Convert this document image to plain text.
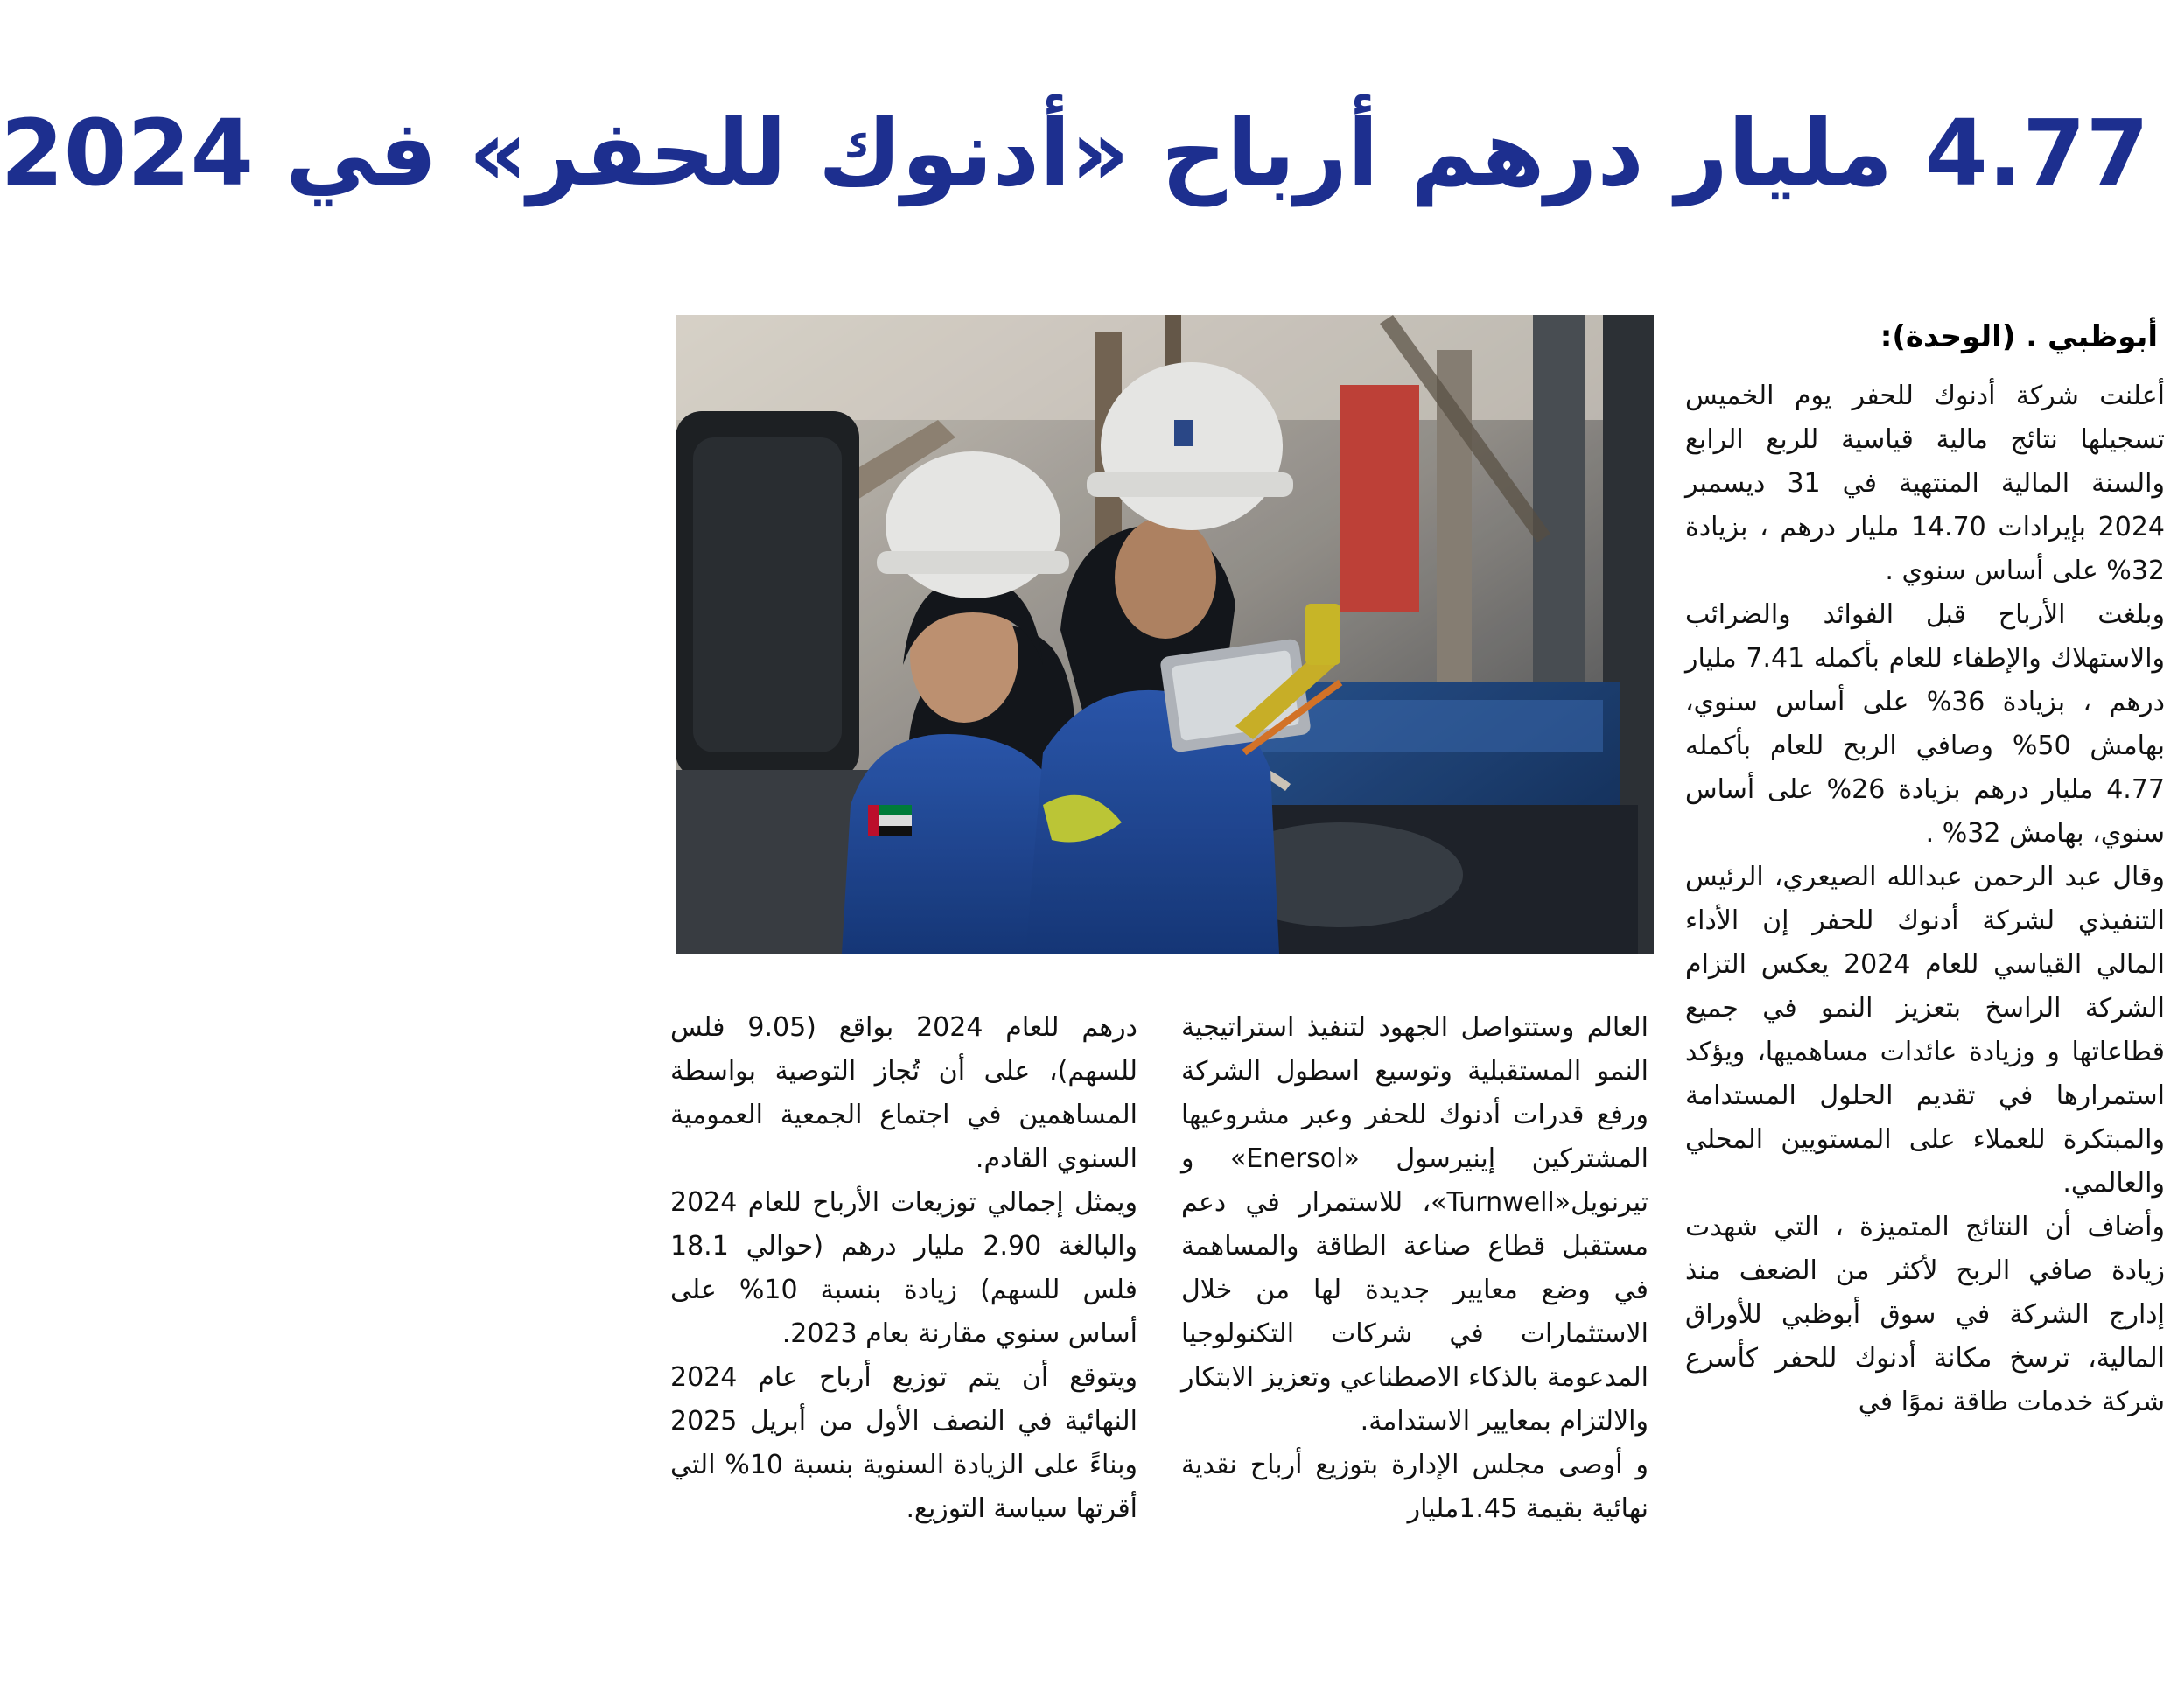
4.77 مليار درهم أرباح «أدنوك للحفر» في 2024
أبوظبي . (الوحدة):

أعلنت شركة أدنوك للحفر يوم الخميس تسجيلها نتائج مالية قياسية للربع الرابع والسنة المالية المنتهية في 31 ديسمبر 2024 بإيرادات 14.70 مليار درهم ، بزيادة 32% على أساس سنوي .

وبلغت الأرباح قبل الفوائد والضرائب والاستهلاك والإطفاء للعام بأكمله 7.41 مليار درهم ، بزيادة 36% على أساس سنوي، بهامش 50% وصافي الربح للعام بأكمله 4.77 مليار درهم بزيادة 26% على أساس سنوي، بهامش 32% .

وقال عبد الرحمن عبدالله الصيعري، الرئيس التنفيذي لشركة أدنوك للحفر إن الأداء المالي القياسي للعام 2024 يعكس التزام الشركة الراسخ بتعزيز النمو في جميع قطاعاتها و وزيادة عائدات مساهميها، ويؤكد استمرارها في تقديم الحلول المستدامة والمبتكرة للعملاء على المستويين المحلي والعالمي.

وأضاف أن النتائج المتميزة ، التي شهدت زيادة صافي الربح لأكثر من الضعف منذ إدارج الشركة في سوق أبوظبي للأوراق المالية، ترسخ مكانة أدنوك للحفر كأسرع شركة خدمات طاقة نموًا في

العالم وستتواصل الجهود لتنفيذ استراتيجية النمو المستقبلية وتوسيع اسطول الشركة ورفع قدرات أدنوك للحفر وعبر مشروعيها المشتركين إينيرسول «Enersol» و تيرنويل«Turnwell»، للاستمرار في دعم مستقبل قطاع صناعة الطاقة والمساهمة في وضع معايير جديدة لها من خلال الاستثمارات في شركات التكنولوجيا المدعومة بالذكاء الاصطناعي وتعزيز الابتكار والالتزام بمعايير الاستدامة.

و أوصى مجلس الإدارة بتوزيع أرباح نقدية نهائية بقيمة 1.45مليار

درهم للعام 2024 بواقع (9.05 فلس للسهم)، على أن تُجاز التوصية بواسطة المساهمين في اجتماع الجمعية العمومية السنوي القادم.

ويمثل إجمالي توزيعات الأرباح للعام 2024 والبالغة 2.90 مليار درهم (حوالي 18.1 فلس للسهم) زيادة بنسبة 10% على أساس سنوي مقارنة بعام 2023.

ويتوقع أن يتم توزيع أرباح عام 2024 النهائية في النصف الأول من أبريل 2025 وبناءً على الزيادة السنوية بنسبة 10% التي أقرتها سياسة التوزيع.
